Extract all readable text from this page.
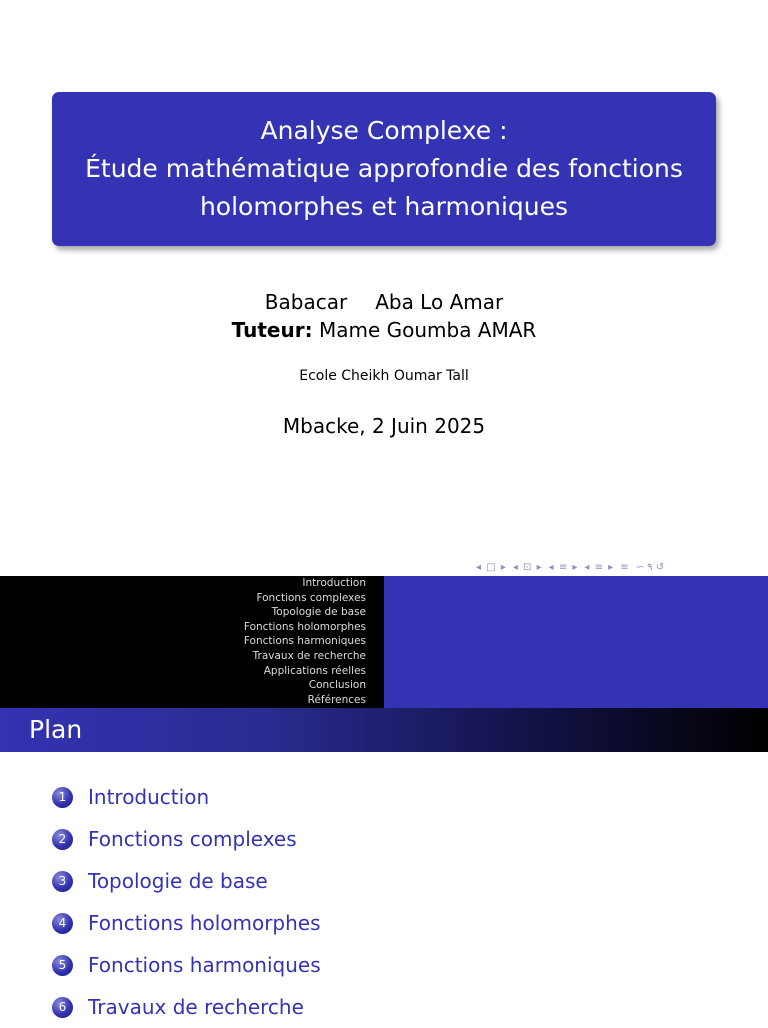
Analyse Complexe :
Étude mathématique approfondie des fonctions
holomorphes et harmoniques
Babacar Aba Lo Amar
Tuteur: Mame Goumba AMAR
Ecole Cheikh Oumar Tall
Mbacke, 2 Juin 2025
◂ □ ▸ ◂ ⊡ ▸ ◂ ≡ ▸ ◂ ≡ ▸ ≡ ∽ ۹ ↺
Introduction
Fonctions complexes
Topologie de base
Fonctions holomorphes
Fonctions harmoniques
Travaux de recherche
Applications réelles
Conclusion
Références
Plan
1	Introduction
2	Fonctions complexes
3	Topologie de base
4	Fonctions holomorphes
5	Fonctions harmoniques
6	Travaux de recherche
